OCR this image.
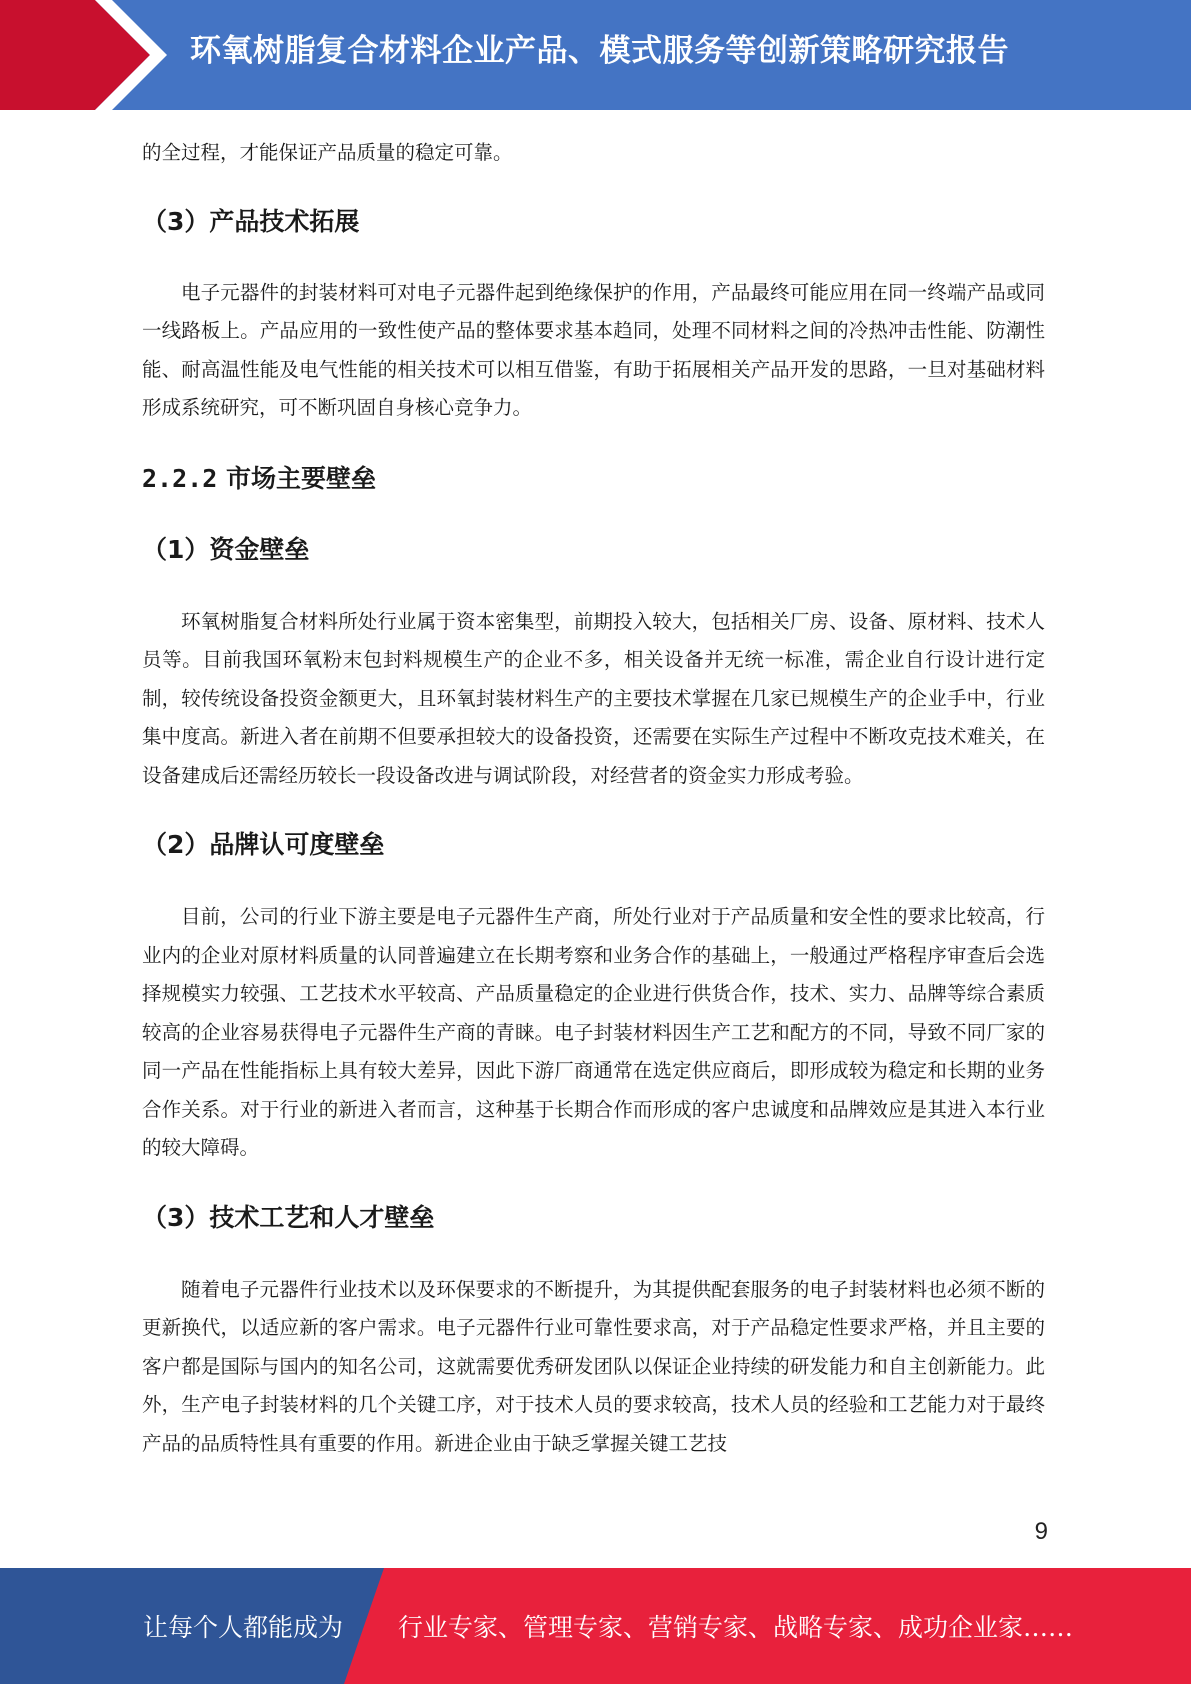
环氧树脂复合材料企业产品、模式服务等创新策略研究报告

的全过程，才能保证产品质量的稳定可靠。

（3）产品技术拓展

电子元器件的封装材料可对电子元器件起到绝缘保护的作用，产品最终可能应用在同一终端产品或同一线路板上。产品应用的一致性使产品的整体要求基本趋同，处理不同材料之间的冷热冲击性能、防潮性能、耐高温性能及电气性能的相关技术可以相互借鉴，有助于拓展相关产品开发的思路，一旦对基础材料形成系统研究，可不断巩固自身核心竞争力。

2.2.2 市场主要壁垒
（1）资金壁垒

环氧树脂复合材料所处行业属于资本密集型，前期投入较大，包括相关厂房、设备、原材料、技术人员等。目前我国环氧粉末包封料规模生产的企业不多，相关设备并无统一标准，需企业自行设计进行定制，较传统设备投资金额更大，且环氧封装材料生产的主要技术掌握在几家已规模生产的企业手中，行业集中度高。新进入者在前期不但要承担较大的设备投资，还需要在实际生产过程中不断攻克技术难关，在设备建成后还需经历较长一段设备改进与调试阶段，对经营者的资金实力形成考验。

（2）品牌认可度壁垒

目前，公司的行业下游主要是电子元器件生产商，所处行业对于产品质量和安全性的要求比较高，行业内的企业对原材料质量的认同普遍建立在长期考察和业务合作的基础上，一般通过严格程序审查后会选择规模实力较强、工艺技术水平较高、产品质量稳定的企业进行供货合作，技术、实力、品牌等综合素质较高的企业容易获得电子元器件生产商的青睐。电子封装材料因生产工艺和配方的不同，导致不同厂家的同一产品在性能指标上具有较大差异，因此下游厂商通常在选定供应商后，即形成较为稳定和长期的业务合作关系。对于行业的新进入者而言，这种基于长期合作而形成的客户忠诚度和品牌效应是其进入本行业的较大障碍。

（3）技术工艺和人才壁垒

随着电子元器件行业技术以及环保要求的不断提升，为其提供配套服务的电子封装材料也必须不断的更新换代，以适应新的客户需求。电子元器件行业可靠性要求高，对于产品稳定性要求严格，并且主要的客户都是国际与国内的知名公司，这就需要优秀研发团队以保证企业持续的研发能力和自主创新能力。此外，生产电子封装材料的几个关键工序，对于技术人员的要求较高，技术人员的经验和工艺能力对于最终产品的品质特性具有重要的作用。新进企业由于缺乏掌握关键工艺技

9
让每个人都能成为 行业专家、管理专家、营销专家、战略专家、成功企业家……
